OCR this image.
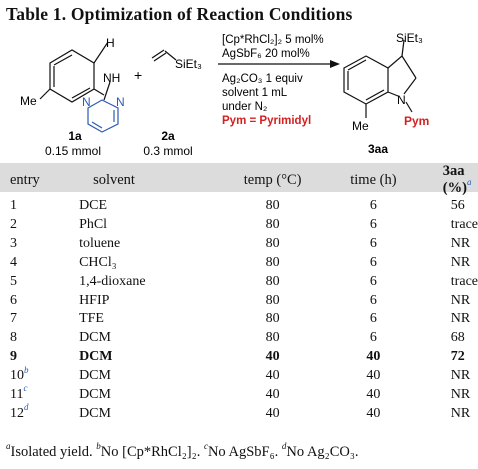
Table 1. Optimization of Reaction Conditions
H
NH
Me	N N
+
SiEt₃
1a
0.15 mmol
2a
0.3 mmol
[Cp*RhCl₂]₂ 5 mol%
AgSbF₆ 20 mol%
Ag₂CO₃ 1 equiv
solvent 1 mL
under N₂
Pym = Pyrimidyl
SiEt₃
Me
N
Pym
3aa
entry	solvent	temp (°C)	time (h)	3aa (%)$^a$
1	DCE	80	6	56
2	PhCl	80	6	trace
3	toluene	80	6	NR
4	CHCl₃	80	6	NR
5	1,4-dioxane	80	6	trace
6	HFIP	80	6	NR
7	TFE	80	6	NR
8	DCM	80	6	68
9	DCM	40	40	72
10$^b$	DCM	40	40	NR
11$^c$	DCM	40	40	NR
12$^d$	DCM	40	40	NR
$^a$Isolated yield. $^b$No [Cp*RhCl₂]₂. $^c$No AgSbF₆. $^d$No Ag₂CO₃.
